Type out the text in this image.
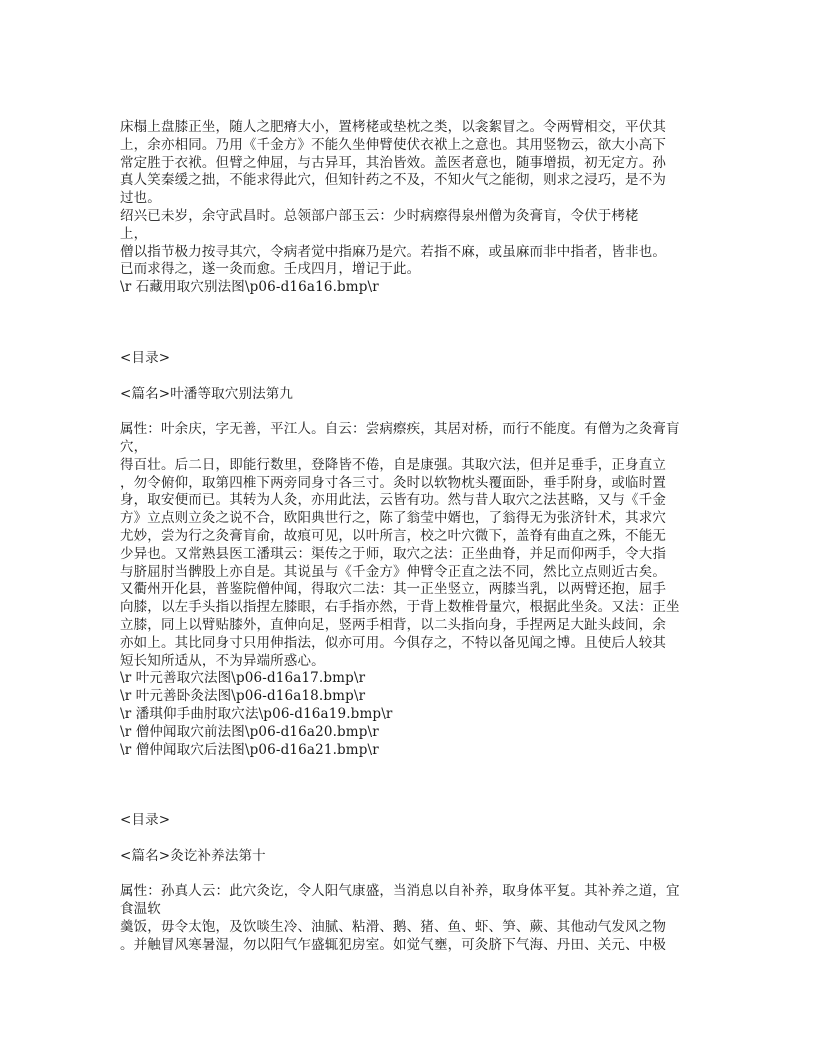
床榻上盘膝正坐，随人之肥瘠大小，置栲栳或垫枕之类，以衾絮冒之。令两臂相交，平伏其
上，余亦相同。乃用《千金方》不能久坐伸臂使伏衣袱上之意也。其用竖物云，欲大小高下
常定胜于衣袱。但臂之伸屈，与古异耳，其治皆效。盖医者意也，随事增损，初无定方。孙
真人笑秦缓之拙，不能求得此穴，但知针药之不及，不知火气之能彻，则求之浸巧，是不为
过也。
绍兴已未岁，余守武昌时。总领部户部玉云：少时病瘵得泉州僧为灸膏肓，令伏于栲栳
上，
僧以指节极力按寻其穴，令病者觉中指麻乃是穴。若指不麻，或虽麻而非中指者，皆非也。
已而求得之，遂一灸而愈。壬戌四月，增记于此。
\r 石藏用取穴别法图\p06-d16a16.bmp\r
<目录>
<篇名>叶潘等取穴别法第九
属性：叶余庆，字无善，平江人。自云：尝病瘵疾，其居对桥，而行不能度。有僧为之灸膏肓
穴，
得百壮。后二日，即能行数里，登降皆不倦，自是康强。其取穴法，但并足垂手，正身直立
，勿令俯仰，取第四椎下两旁同身寸各三寸。灸时以软物枕头覆面卧，垂手附身，或临时置
身，取安便而已。其转为人灸，亦用此法，云皆有功。然与昔人取穴之法甚略，又与《千金
方》立点则立灸之说不合，欧阳典世行之，陈了翁莹中婿也，了翁得无为张济针术，其求穴
尤妙，尝为行之灸膏肓俞，故痕可见，以叶所言，校之叶穴微下，盖脊有曲直之殊，不能无
少异也。又常熟县医工潘琪云：渠传之于师，取穴之法：正坐曲脊，并足而仰两手，令大指
与脐屈肘当髀股上亦自是。其说虽与《千金方》伸臂令正直之法不同，然比立点则近古矣。
又衢州开化县，普鉴院僧仲闻，得取穴二法：其一正坐竖立，两膝当乳，以两臂还抱，屈手
向膝，以左手头指以指捏左膝眼，右手指亦然，于背上数椎骨量穴，根据此坐灸。又法：正坐
立膝，同上以臂贴膝外，直伸向足，竖两手相背，以二头指向身，手捏两足大趾头歧间，余
亦如上。其比同身寸只用伸指法，似亦可用。今俱存之，不特以备见闻之博。且使后人较其
短长知所适从，不为异端所惑心。
\r 叶元善取穴法图\p06-d16a17.bmp\r
\r 叶元善卧灸法图\p06-d16a18.bmp\r
\r 潘琪仰手曲肘取穴法\p06-d16a19.bmp\r
\r 僧仲闻取穴前法图\p06-d16a20.bmp\r
\r 僧仲闻取穴后法图\p06-d16a21.bmp\r
<目录>
<篇名>灸讫补养法第十
属性：孙真人云：此穴灸讫，令人阳气康盛，当消息以自补养，取身体平复。其补养之道，宜
食温软
羹饭，毋令太饱，及饮啖生冷、油腻、粘滑、鹅、猪、鱼、虾、笋、蕨、其他动气发风之物
。并触冒风寒暑湿，勿以阳气乍盛辄犯房室。如觉气壅，可灸脐下气海、丹田、关元、中极
